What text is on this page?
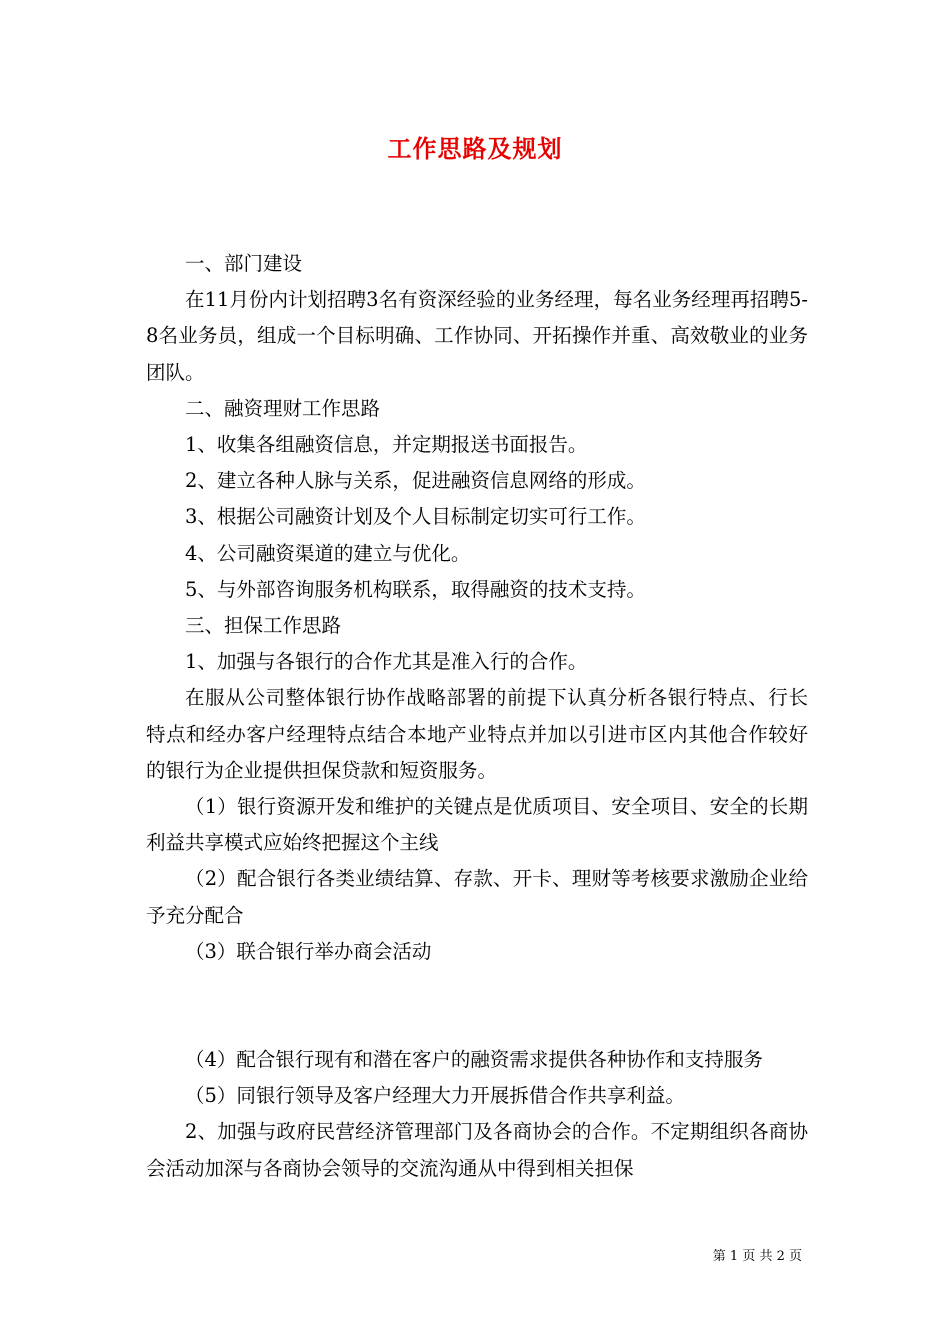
工作思路及规划

一、部门建设

在11月份内计划招聘3名有资深经验的业务经理，每名业务经理再招聘5-8名业务员，组成一个目标明确、工作协同、开拓操作并重、高效敬业的业务团队。

二、融资理财工作思路

1、收集各组融资信息，并定期报送书面报告。

2、建立各种人脉与关系，促进融资信息网络的形成。

3、根据公司融资计划及个人目标制定切实可行工作。

4、公司融资渠道的建立与优化。

5、与外部咨询服务机构联系，取得融资的技术支持。

三、担保工作思路

1、加强与各银行的合作尤其是准入行的合作。

在服从公司整体银行协作战略部署的前提下认真分析各银行特点、行长特点和经办客户经理特点结合本地产业特点并加以引进市区内其他合作较好的银行为企业提供担保贷款和短资服务。

（1）银行资源开发和维护的关键点是优质项目、安全项目、安全的长期利益共享模式应始终把握这个主线

（2）配合银行各类业绩结算、存款、开卡、理财等考核要求激励企业给予充分配合

（3）联合银行举办商会活动

（4）配合银行现有和潜在客户的融资需求提供各种协作和支持服务

（5）同银行领导及客户经理大力开展拆借合作共享利益。

2、加强与政府民营经济管理部门及各商协会的合作。不定期组织各商协会活动加深与各商协会领导的交流沟通从中得到相关担保

第 1 页 共 2 页
